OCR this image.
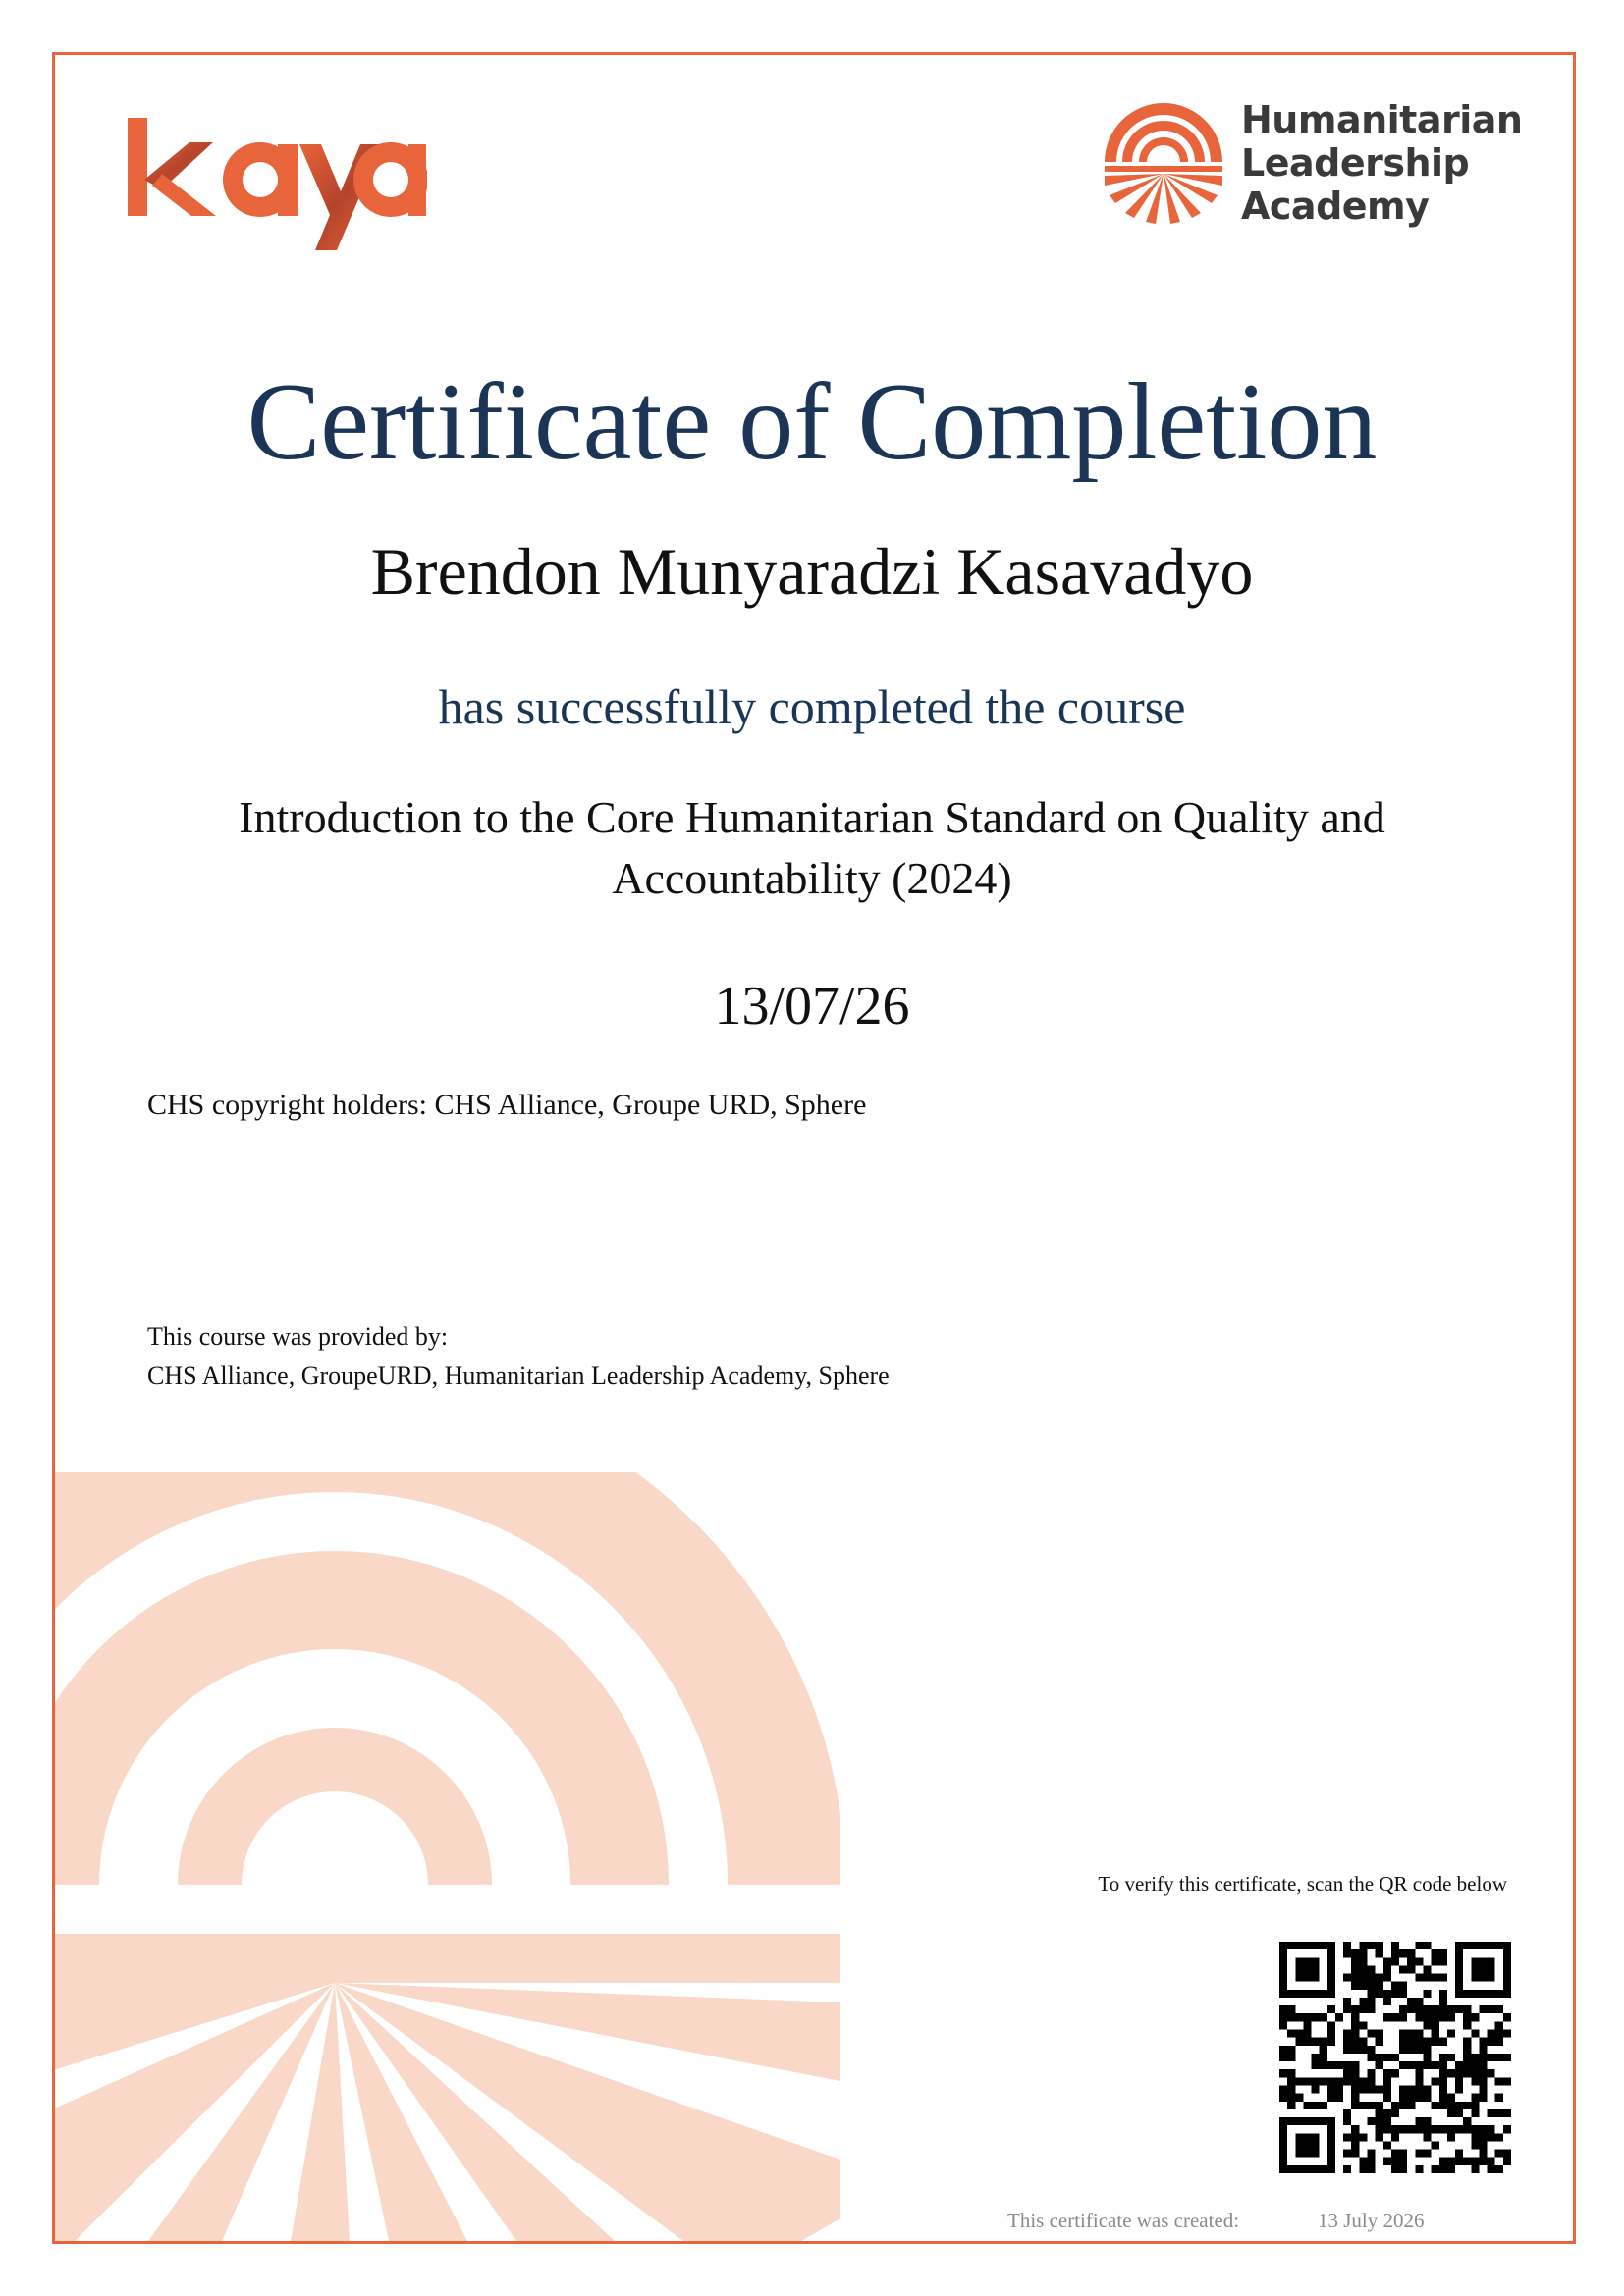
Humanitarian
Leadership
Academy
Certificate of Completion
Brendon Munyaradzi Kasavadyo
has successfully completed the course
Introduction to the Core Humanitarian Standard on Quality and Accountability (2024)
13/07/26
CHS copyright holders: CHS Alliance, Groupe URD, Sphere
This course was provided by:
CHS Alliance, GroupeURD, Humanitarian Leadership Academy, Sphere
To verify this certificate, scan the QR code below
This certificate was created:	13 July 2026
